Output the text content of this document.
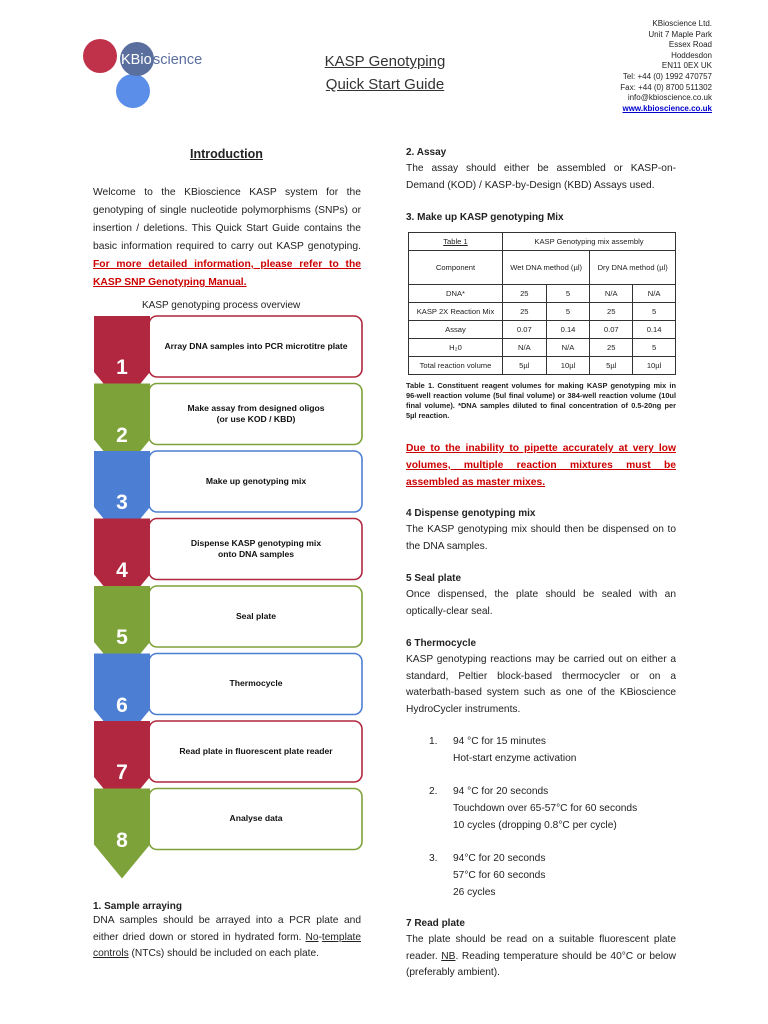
KBio science	KASP Genotyping
Quick Start Guide
KBioscience Ltd.
Unit 7 Maple Park
Essex Road
Hoddesdon
EN11 0EX UK
Tel: +44 (0) 1992 470757
Fax: +44 (0) 8700 511302
info@kbioscience.co.uk
www.kbioscience.co.uk
Introduction
Welcome to the KBioscience KASP system for the genotyping of single nucleotide polymorphisms (SNPs) or insertion / deletions. This Quick Start Guide contains the basic information required to carry out KASP genotyping. For more detailed information, please refer to the KASP SNP Genotyping Manual.
KASP genotyping process overview
1
Array DNA samples into PCR microtitre plate
2
Make assay from designed oligos
(or use KOD / KBD)
3
Make up genotyping mix
4
Dispense KASP genotyping mix
onto DNA samples
5
Seal plate
6
Thermocycle
7
Read plate in fluorescent plate reader
8
Analyse data
1. Sample arraying
DNA samples should be arrayed into a PCR plate and either dried down or stored in hydrated form. No-template controls (NTCs) should be included on each plate.
2. Assay
The assay should either be assembled or KASP-on-Demand (KOD) / KASP-by-Design (KBD) Assays used.
3. Make up KASP genotyping Mix
Table 1	KASP Genotyping mix assembly			
Component	Wet DNA method (µl)		Dry DNA method (µl)	
DNA*	25	5	N/A	N/A
KASP 2X Reaction Mix	25	5	25	5
Assay	0.07	0.14	0.07	0.14
H₂0	N/A	N/A	25	5
Total reaction volume	5µl	10µl	5µl	10µl
Table 1. Constituent reagent volumes for making KASP genotyping mix in 96-well reaction volume (5ul final volume) or 384-well reaction volume (10ul final volume). *DNA samples diluted to final concentration of 0.5-20ng per 5µl reaction.
Due to the inability to pipette accurately at very low volumes, multiple reaction mixtures must be assembled as master mixes.
4 Dispense genotyping mix
The KASP genotyping mix should then be dispensed on to the DNA samples.
5 Seal plate
Once dispensed, the plate should be sealed with an optically-clear seal.
6 Thermocycle
KASP genotyping reactions may be carried out on either a standard, Peltier block-based thermocycler or on a waterbath-based system such as one of the KBioscience HydroCycler instruments.
1. 94 °C for 15 minutes
Hot-start enzyme activation
2. 94 °C for 20 seconds
Touchdown over 65-57°C for 60 seconds
10 cycles (dropping 0.8°C per cycle)
3. 94°C for 20 seconds
57°C for 60 seconds
26 cycles
7 Read plate
The plate should be read on a suitable fluorescent plate reader. NB. Reading temperature should be 40°C or below (preferably ambient).
